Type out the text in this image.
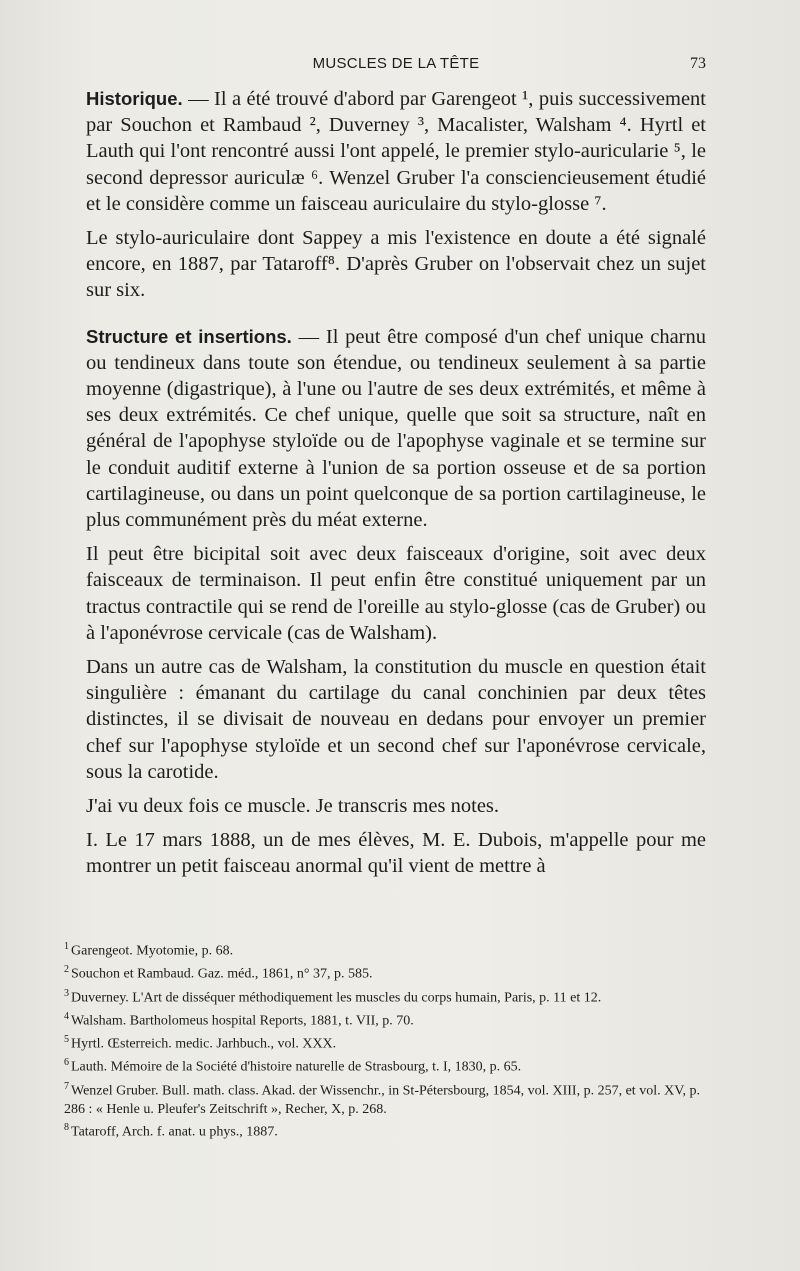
MUSCLES DE LA TÊTE	73

Historique. — Il a été trouvé d'abord par Garengeot ¹, puis successivement par Souchon et Rambaud ², Duverney ³, Macalister, Walsham ⁴. Hyrtl et Lauth qui l'ont rencontré aussi l'ont appelé, le premier stylo-auricularie ⁵, le second depressor auriculæ ⁶. Wenzel Gruber l'a consciencieusement étudié et le considère comme un faisceau auriculaire du stylo-glosse ⁷.

Le stylo-auriculaire dont Sappey a mis l'existence en doute a été signalé encore, en 1887, par Tataroff⁸. D'après Gruber on l'observait chez un sujet sur six.

Structure et insertions. — Il peut être composé d'un chef unique charnu ou tendineux dans toute son étendue, ou tendineux seulement à sa partie moyenne (digastrique), à l'une ou l'autre de ses deux extrémités, et même à ses deux extrémités. Ce chef unique, quelle que soit sa structure, naît en général de l'apophyse styloïde ou de l'apophyse vaginale et se termine sur le conduit auditif externe à l'union de sa portion osseuse et de sa portion cartilagineuse, ou dans un point quelconque de sa portion cartilagineuse, le plus communément près du méat externe.

Il peut être bicipital soit avec deux faisceaux d'origine, soit avec deux faisceaux de terminaison. Il peut enfin être constitué uniquement par un tractus contractile qui se rend de l'oreille au stylo-glosse (cas de Gruber) ou à l'aponévrose cervicale (cas de Walsham).

Dans un autre cas de Walsham, la constitution du muscle en question était singulière : émanant du cartilage du canal conchinien par deux têtes distinctes, il se divisait de nouveau en dedans pour envoyer un premier chef sur l'apophyse styloïde et un second chef sur l'aponévrose cervicale, sous la carotide.

J'ai vu deux fois ce muscle. Je transcris mes notes.

I. Le 17 mars 1888, un de mes élèves, M. E. Dubois, m'appelle pour me montrer un petit faisceau anormal qu'il vient de mettre à

$^1$ Garengeot. Myotomie, p. 68.

$^2$ Souchon et Rambaud. Gaz. méd., 1861, n° 37, p. 585.

$^3$ Duverney. L'Art de disséquer méthodiquement les muscles du corps humain, Paris, p. 11 et 12.

$^4$ Walsham. Bartholomeus hospital Reports, 1881, t. VII, p. 70.

$^5$ Hyrtl. Œsterreich. medic. Jarhbuch., vol. XXX.

$^6$ Lauth. Mémoire de la Société d'histoire naturelle de Strasbourg, t. I, 1830, p. 65.

$^7$ Wenzel Gruber. Bull. math. class. Akad. der Wissenchr., in St-Pétersbourg, 1854, vol. XIII, p. 257, et vol. XV, p. 286 : « Henle u. Pleufer's Zeitschrift », Recher, X, p. 268.

$^8$ Tataroff, Arch. f. anat. u phys., 1887.
